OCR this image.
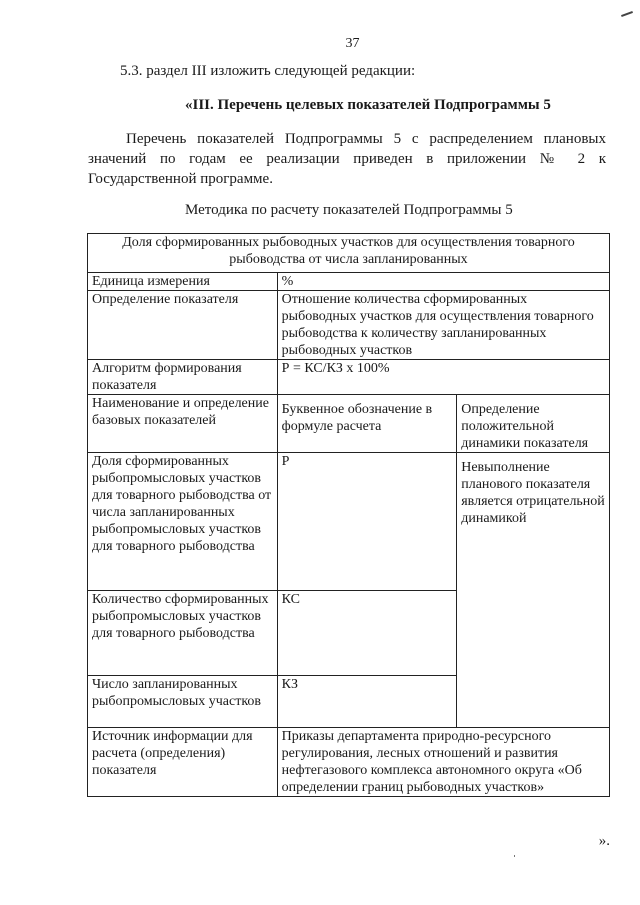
37
5.3. раздел III изложить следующей редакции:
«III. Перечень целевых показателей Подпрограммы 5
Перечень показателей Подпрограммы 5 с распределением плановых значений по годам ее реализации приведен в приложении № 2 к Государственной программе.
Методика по расчету показателей Подпрограммы 5
Доля сформированных рыбоводных участков для осуществления товарного рыбоводства от числа запланированных		
Единица измерения	%	
Определение показателя	Отношение количества сформированных рыбоводных участков для осуществления товарного рыбоводства к количеству запланированных рыбоводных участков	
Алгоритм формирования показателя	Р = КС/КЗ х 100%	
Наименование и определение базовых показателей	Буквенное обозначение в формуле расчета	Определение положительной динамики показателя
Доля сформированных рыбопромысловых участков для товарного рыбоводства от числа запланированных рыбопромысловых участков для товарного рыбоводства	Р	Невыполнение планового показателя является отрицательной динамикой
Количество сформированных рыбопромысловых участков для товарного рыбоводства	КС	
Число запланированных рыбопромысловых участков	КЗ	
Источник информации для расчета (определения) показателя	Приказы департамента природно-ресурсного регулирования, лесных отношений и развития нефтегазового комплекса автономного округа «Об определении границ рыбоводных участков»	
».
